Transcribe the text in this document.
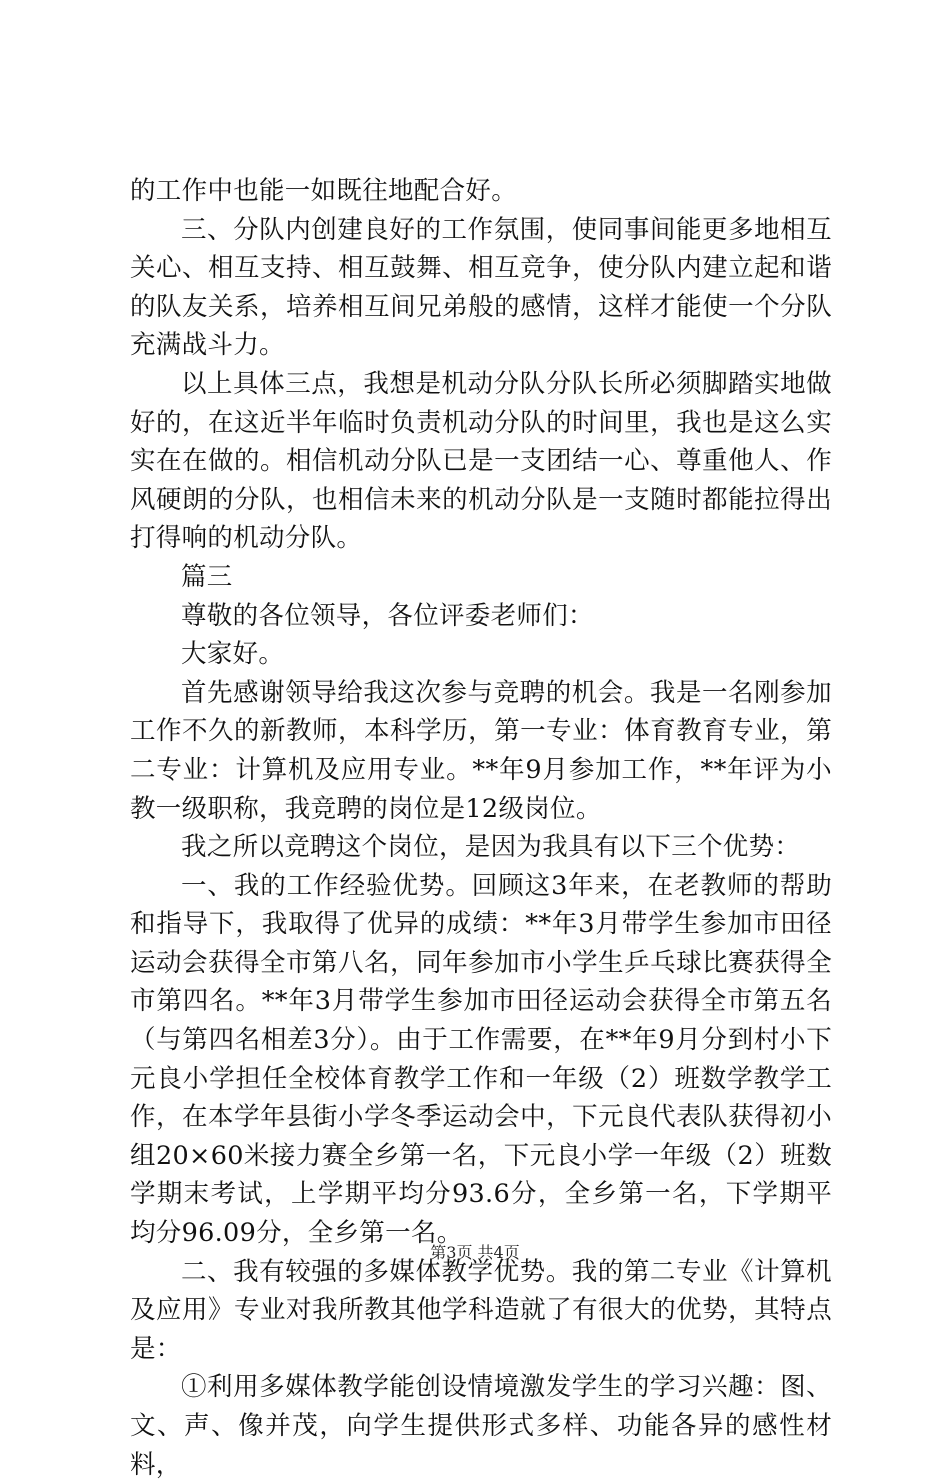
的工作中也能一如既往地配合好。

三、分队内创建良好的工作氛围，使同事间能更多地相互关心、相互支持、相互鼓舞、相互竞争，使分队内建立起和谐的队友关系，培养相互间兄弟般的感情，这样才能使一个分队充满战斗力。

以上具体三点，我想是机动分队分队长所必须脚踏实地做好的，在这近半年临时负责机动分队的时间里，我也是这么实实在在做的。相信机动分队已是一支团结一心、尊重他人、作风硬朗的分队，也相信未来的机动分队是一支随时都能拉得出打得响的机动分队。

篇三

尊敬的各位领导，各位评委老师们：

大家好。

首先感谢领导给我这次参与竞聘的机会。我是一名刚参加工作不久的新教师，本科学历，第一专业：体育教育专业，第二专业：计算机及应用专业。**年9月参加工作，**年评为小教一级职称，我竞聘的岗位是12级岗位。

我之所以竞聘这个岗位，是因为我具有以下三个优势：

一、我的工作经验优势。回顾这3年来，在老教师的帮助和指导下，我取得了优异的成绩：**年3月带学生参加市田径运动会获得全市第八名，同年参加市小学生乒乓球比赛获得全市第四名。**年3月带学生参加市田径运动会获得全市第五名（与第四名相差3分）。由于工作需要，在**年9月分到村小下元良小学担任全校体育教学工作和一年级（2）班数学教学工作，在本学年县街小学冬季运动会中，下元良代表队获得初小组20×60米接力赛全乡第一名，下元良小学一年级（2）班数学期末考试，上学期平均分93.6分，全乡第一名，下学期平均分96.09分，全乡第一名。

二、我有较强的多媒体教学优势。我的第二专业《计算机及应用》专业对我所教其他学科造就了有很大的优势，其特点是：

①利用多媒体教学能创设情境激发学生的学习兴趣：图、文、声、像并茂，向学生提供形式多样、功能各异的感性材料，

第3页 共4页
